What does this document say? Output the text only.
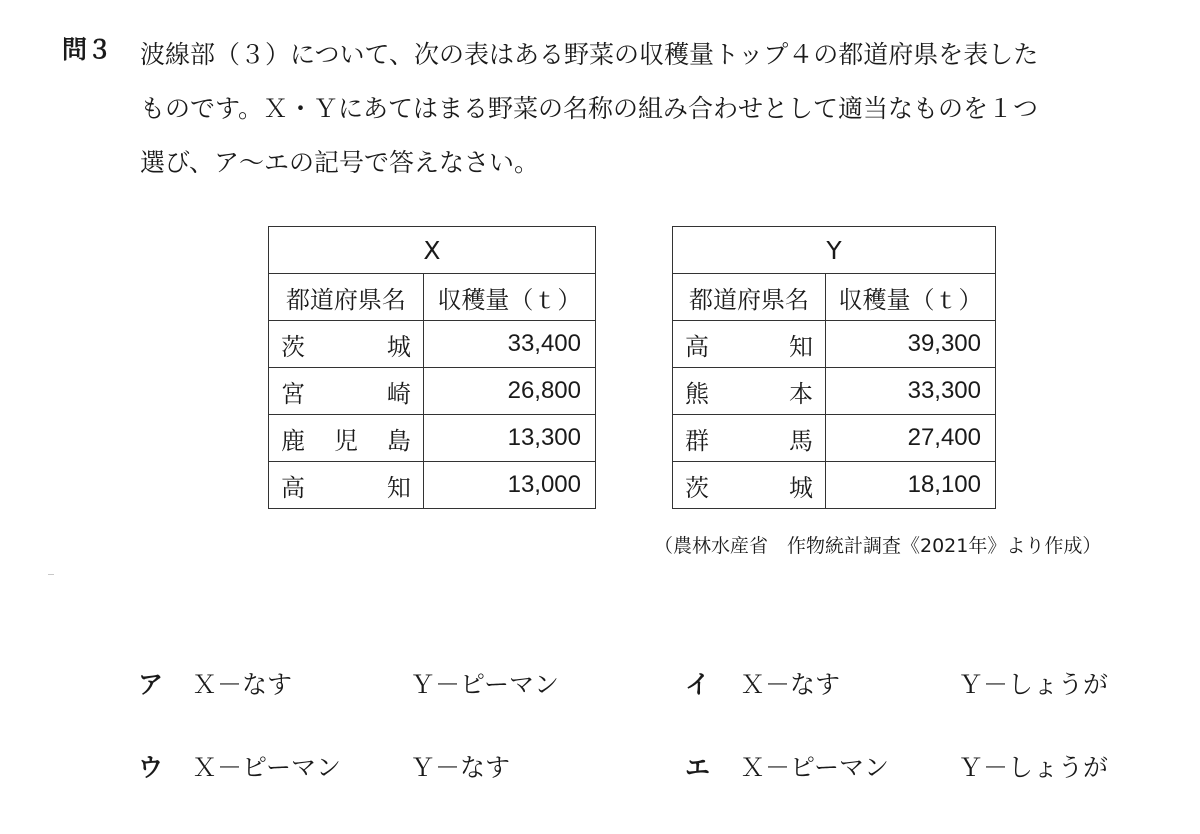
問３ 波線部（３）について、次の表はある野菜の収穫量トップ４の都道府県を表した
ものです。Ｘ・Ｙにあてはまる野菜の名称の組み合わせとして適当なものを１つ
選び、ア〜エの記号で答えなさい。
X	
都道府県名	収穫量（ｔ）

茨 城	33,400

宮 崎	26,800

鹿 児 島	13,300

高 知	13,000
Y	
都道府県名	収穫量（ｔ）

高 知	39,300

熊 本	33,300

群 馬	27,400

茨 城	18,100
（農林水産省　作物統計調査《2021年》より作成）
ア Ｘ－なす	Ｙ－ピーマン	イ Ｘ－なす	Ｙ－しょうが
ウ Ｘ－ピーマン	Ｙ－なす	エ Ｘ－ピーマン	Ｙ－しょうが
